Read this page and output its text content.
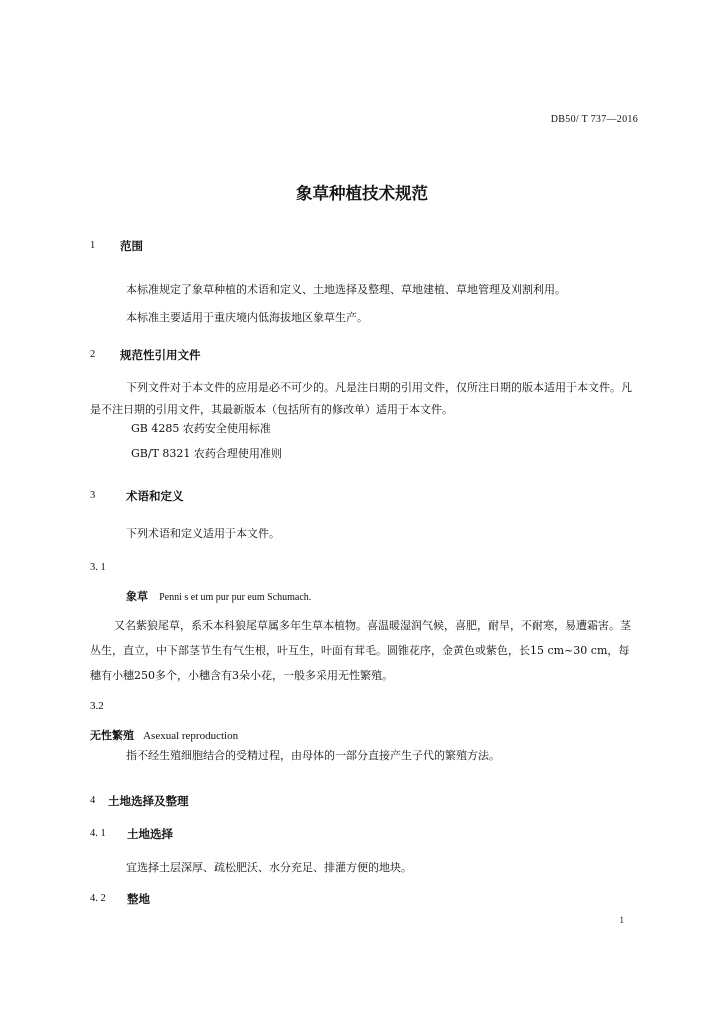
DB50/ T 737—2016
象草种植技术规范
1 范围
本标准规定了象草种植的术语和定义、土地选择及整理、草地建植、草地管理及刈割利用。
本标准主要适用于重庆境内低海拔地区象草生产。
2 规范性引用文件
下列文件对于本文件的应用是必不可少的。凡是注日期的引用文件，仅所注日期的版本适用于本文件。凡是不注日期的引用文件，其最新版本（包括所有的修改单）适用于本文件。
GB 4285 农药安全使用标准
GB/T 8321 农药合理使用准则
3	术语和定义
下列术语和定义适用于本文件。
3. 1
象草 Penni s et um pur pur eum Schumach.
又名紫狼尾草，系禾本科狼尾草属多年生草本植物。喜温暖湿润气候，喜肥，耐旱，不耐寒，易遭霜害。茎丛生，直立，中下部茎节生有气生根，叶互生，叶面有茸毛。圆锥花序，金黄色或紫色，长15 cm~30 cm，每穗有小穗250多个，小穗含有3朵小花，一般多采用无性繁殖。
3.2
无性繁殖 Asexual reproduction
指不经生殖细胞结合的受精过程，由母体的一部分直接产生子代的繁殖方法。
4 土地选择及整理
4. 1 土地选择
宜选择土层深厚、疏松肥沃、水分充足、排灌方便的地块。
4. 2 整地
1
